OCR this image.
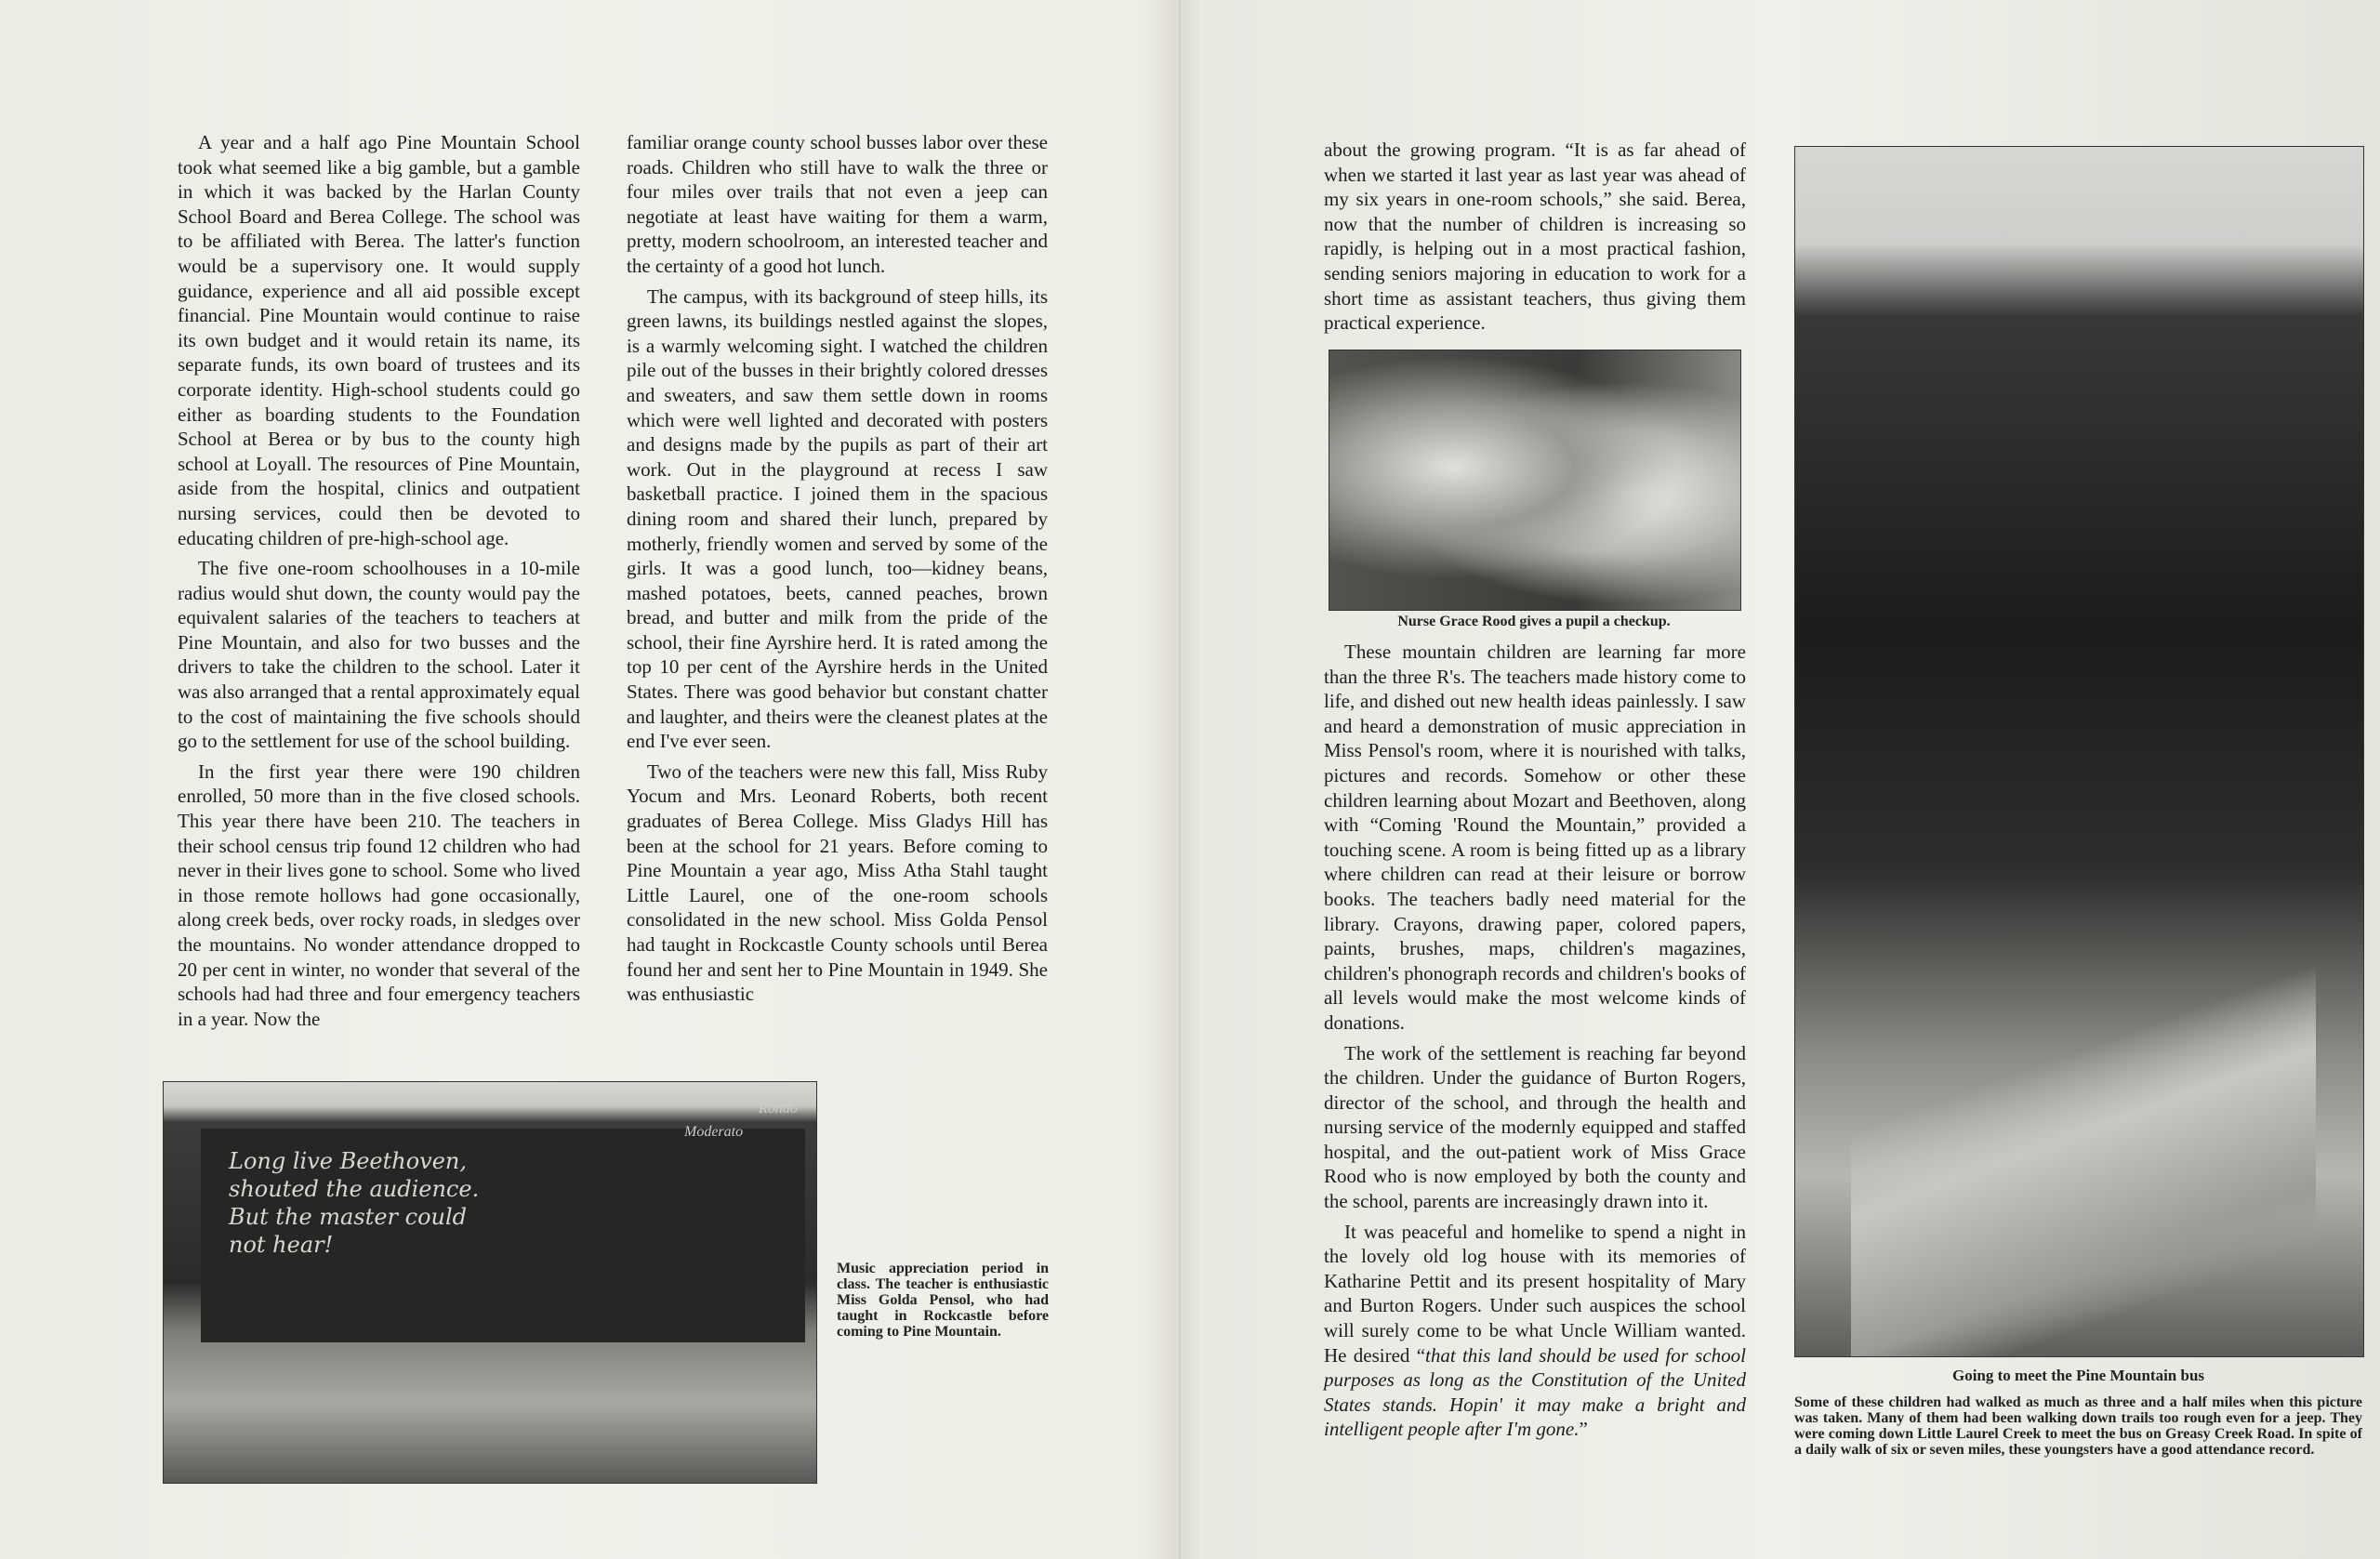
A year and a half ago Pine Mountain School took what seemed like a big gamble, but a gamble in which it was backed by the Harlan County School Board and Berea College. The school was to be affiliated with Berea. The latter's function would be a supervisory one. It would supply guidance, experience and all aid possible except financial. Pine Mountain would continue to raise its own budget and it would retain its name, its separate funds, its own board of trustees and its corporate identity. High-school students could go either as boarding students to the Foundation School at Berea or by bus to the county high school at Loyall. The resources of Pine Mountain, aside from the hospital, clinics and outpatient nursing services, could then be devoted to educating children of pre-high-school age.

The five one-room schoolhouses in a 10-mile radius would shut down, the county would pay the equivalent salaries of the teachers to teachers at Pine Mountain, and also for two busses and the drivers to take the children to the school. Later it was also arranged that a rental approximately equal to the cost of maintaining the five schools should go to the settlement for use of the school building.

In the first year there were 190 children enrolled, 50 more than in the five closed schools. This year there have been 210. The teachers in their school census trip found 12 children who had never in their lives gone to school. Some who lived in those remote hollows had gone occasionally, along creek beds, over rocky roads, in sledges over the mountains. No wonder attendance dropped to 20 per cent in winter, no wonder that several of the schools had had three and four emergency teachers in a year. Now the

familiar orange county school busses labor over these roads. Children who still have to walk the three or four miles over trails that not even a jeep can negotiate at least have waiting for them a warm, pretty, modern schoolroom, an interested teacher and the certainty of a good hot lunch.

The campus, with its background of steep hills, its green lawns, its buildings nestled against the slopes, is a warmly welcoming sight. I watched the children pile out of the busses in their brightly colored dresses and sweaters, and saw them settle down in rooms which were well lighted and decorated with posters and designs made by the pupils as part of their art work. Out in the playground at recess I saw basketball practice. I joined them in the spacious dining room and shared their lunch, prepared by motherly, friendly women and served by some of the girls. It was a good lunch, too—kidney beans, mashed potatoes, beets, canned peaches, brown bread, and butter and milk from the pride of the school, their fine Ayrshire herd. It is rated among the top 10 per cent of the Ayrshire herds in the United States. There was good behavior but constant chatter and laughter, and theirs were the cleanest plates at the end I've ever seen.

Two of the teachers were new this fall, Miss Ruby Yocum and Mrs. Leonard Roberts, both recent graduates of Berea College. Miss Gladys Hill has been at the school for 21 years. Before coming to Pine Mountain a year ago, Miss Atha Stahl taught Little Laurel, one of the one-room schools consolidated in the new school. Miss Golda Pensol had taught in Rockcastle County schools until Berea found her and sent her to Pine Mountain in 1949. She was enthusiastic

Long live Beethoven, shouted the audience. But the master could not hear!
Rondo
Moderato
Music appreciation period in class. The teacher is enthusiastic Miss Golda Pensol, who had taught in Rockcastle before coming to Pine Mountain.

about the growing program. “It is as far ahead of when we started it last year as last year was ahead of my six years in one-room schools,” she said. Berea, now that the number of children is increasing so rapidly, is helping out in a most practical fashion, sending seniors majoring in education to work for a short time as assistant teachers, thus giving them practical experience.

Nurse Grace Rood gives a pupil a checkup.

These mountain children are learning far more than the three R's. The teachers made history come to life, and dished out new health ideas painlessly. I saw and heard a demonstration of music appreciation in Miss Pensol's room, where it is nourished with talks, pictures and records. Somehow or other these children learning about Mozart and Beethoven, along with “Coming 'Round the Mountain,” provided a touching scene. A room is being fitted up as a library where children can read at their leisure or borrow books. The teachers badly need material for the library. Crayons, drawing paper, colored papers, paints, brushes, maps, children's magazines, children's phonograph records and children's books of all levels would make the most welcome kinds of donations.

The work of the settlement is reaching far beyond the children. Under the guidance of Burton Rogers, director of the school, and through the health and nursing service of the modernly equipped and staffed hospital, and the out-patient work of Miss Grace Rood who is now employed by both the county and the school, parents are increasingly drawn into it.

It was peaceful and homelike to spend a night in the lovely old log house with its memories of Katharine Pettit and its present hospitality of Mary and Burton Rogers. Under such auspices the school will surely come to be what Uncle William wanted. He desired “that this land should be used for school purposes as long as the Constitution of the United States stands. Hopin' it may make a bright and intelligent people after I'm gone.”

Going to meet the Pine Mountain bus
Some of these children had walked as much as three and a half miles when this picture was taken. Many of them had been walking down trails too rough even for a jeep. They were coming down Little Laurel Creek to meet the bus on Greasy Creek Road. In spite of a daily walk of six or seven miles, these youngsters have a good attendance record.
